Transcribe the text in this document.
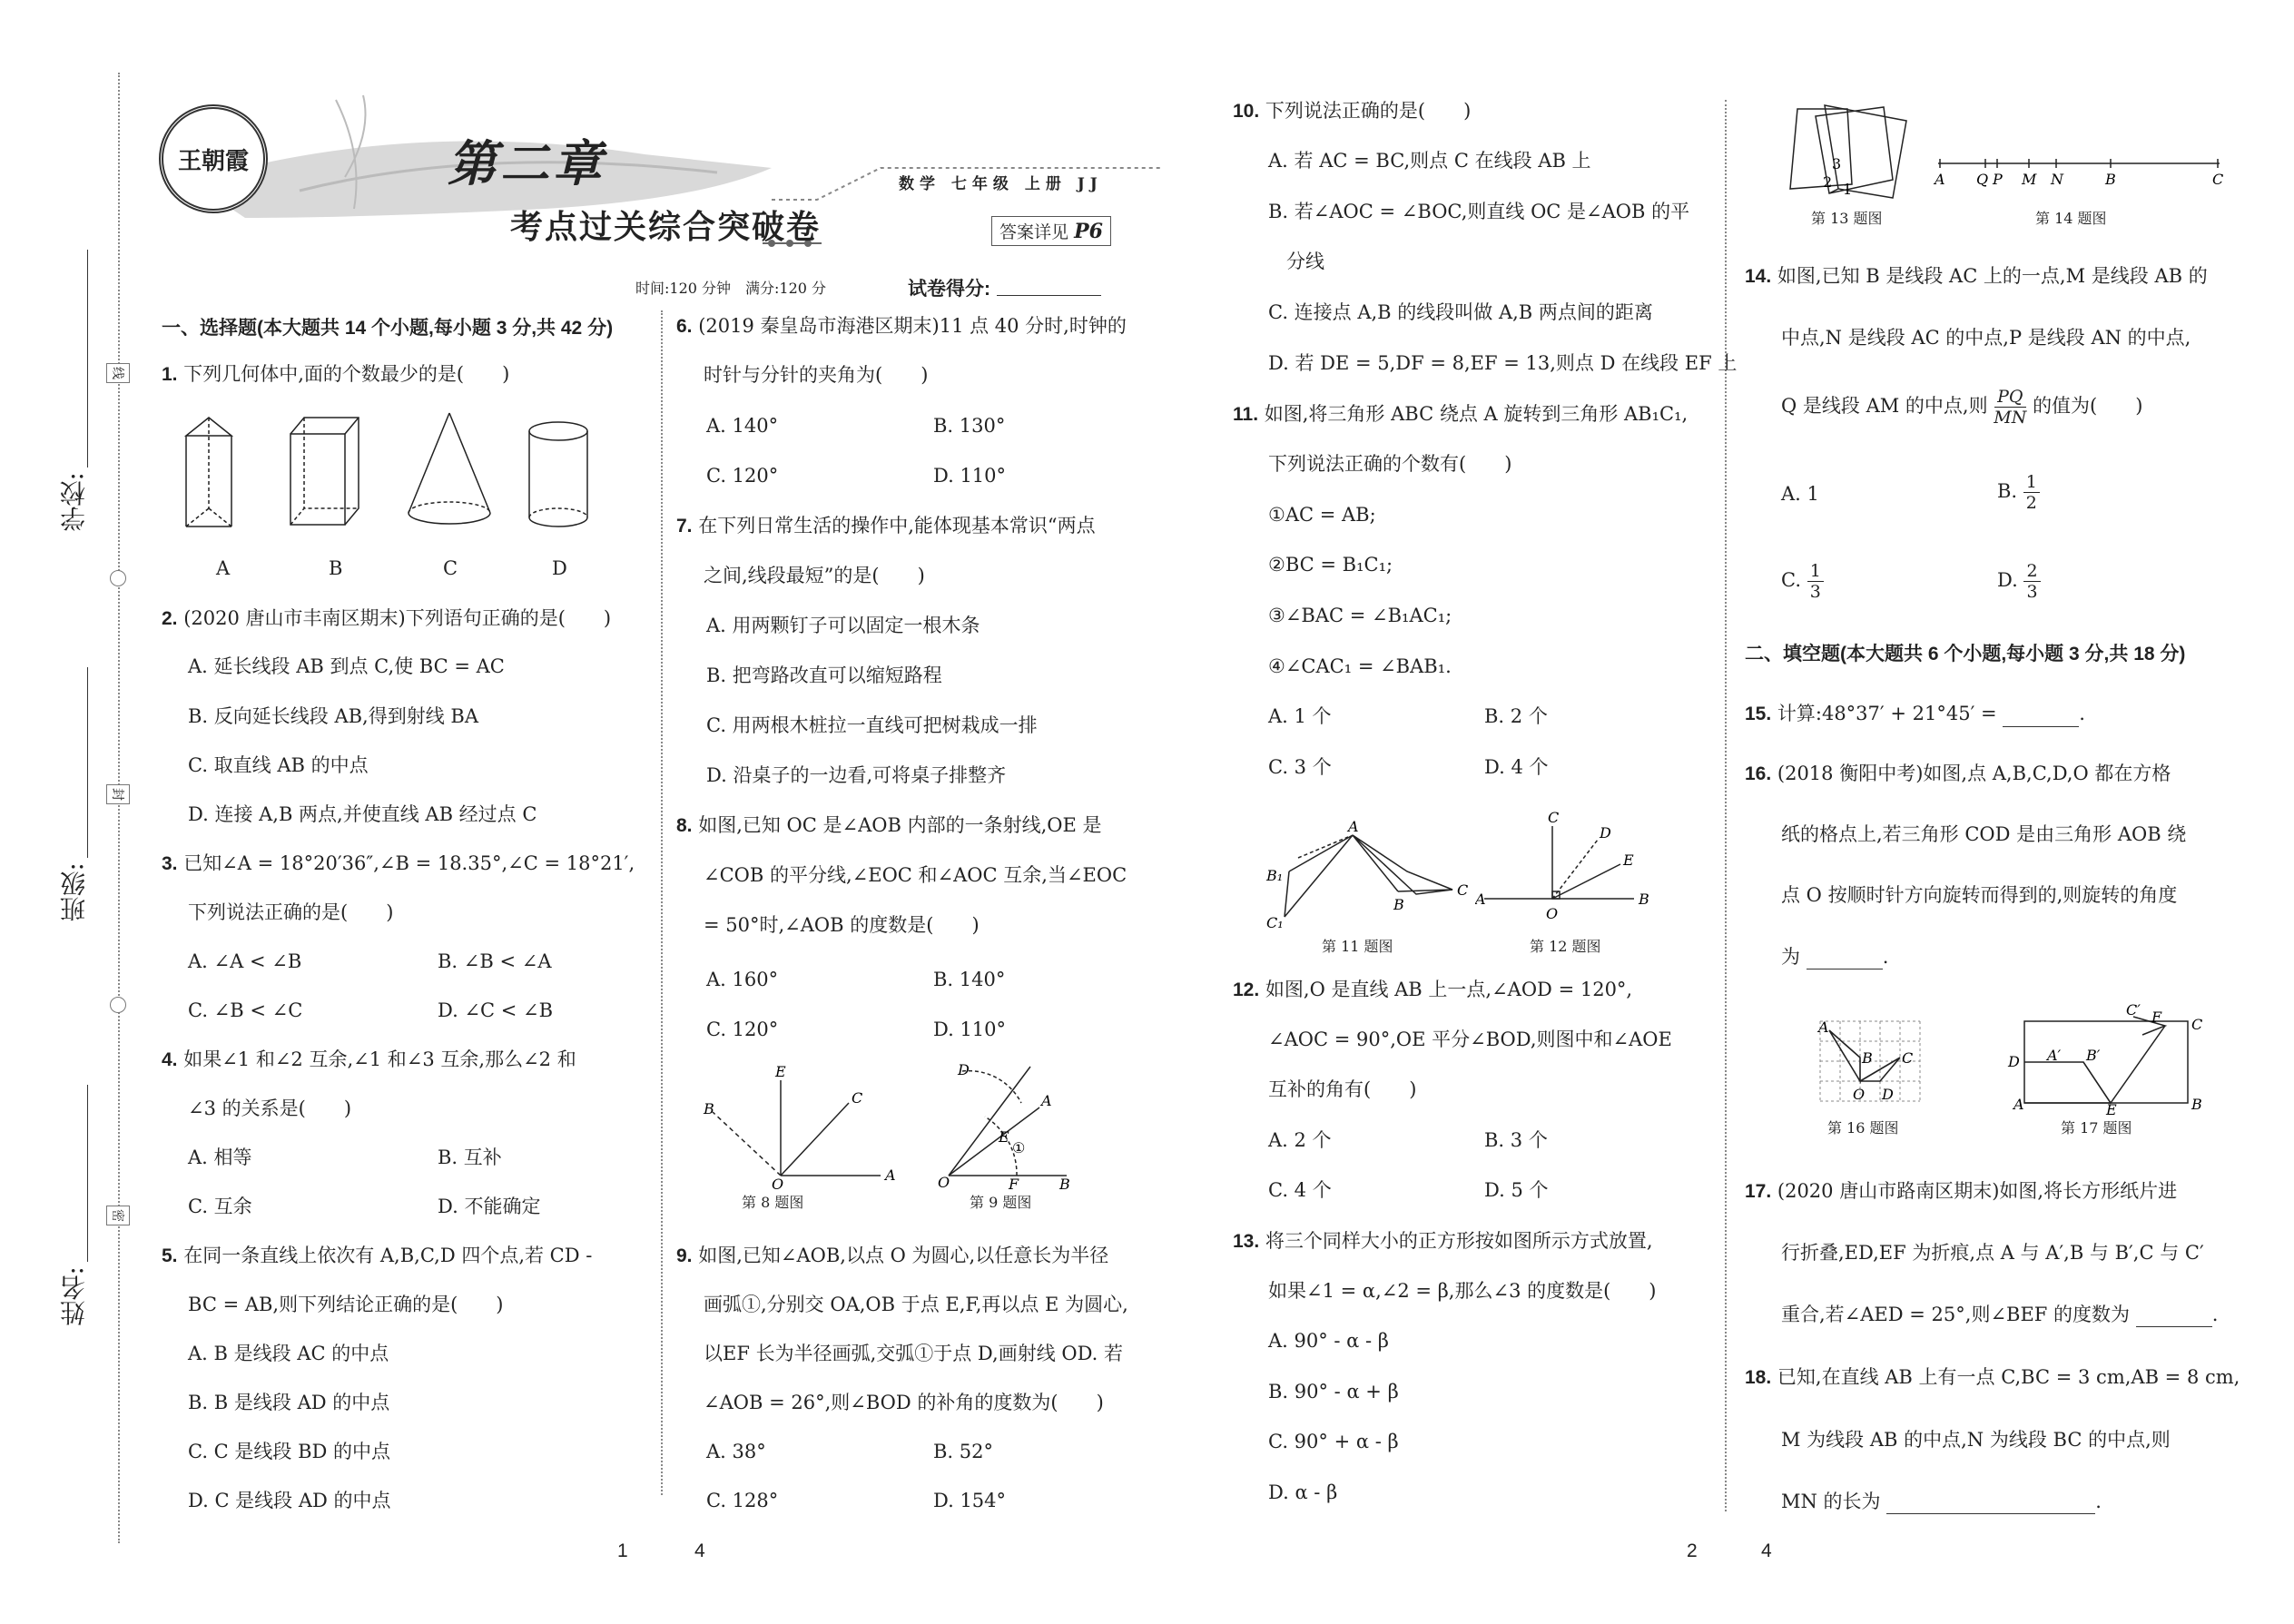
学校:
班级:
姓名:
线
封
密
王朝霞	第二章
考点过关综合突破卷
数学 七年级 上册 JJ
答案详见 P6
时间:120 分钟　满分:120 分	试卷得分:
一、选择题(本大题共 14 个小题,每小题 3 分,共 42 分)
1. 下列几何体中,面的个数最少的是(　　)
A	B	C	D
2. (2020 唐山市丰南区期末)下列语句正确的是(　　)
A. 延长线段 AB 到点 C,使 BC = AC
B. 反向延长线段 AB,得到射线 BA
C. 取直线 AB 的中点
D. 连接 A,B 两点,并使直线 AB 经过点 C
3. 已知∠A = 18°20′36″,∠B = 18.35°,∠C = 18°21′,
下列说法正确的是(　　)
A. ∠A < ∠B	B. ∠B < ∠A
C. ∠B < ∠C	D. ∠C < ∠B
4. 如果∠1 和∠2 互余,∠1 和∠3 互余,那么∠2 和
∠3 的关系是(　　)
A. 相等	B. 互补
C. 互余	D. 不能确定
5. 在同一条直线上依次有 A,B,C,D 四个点,若 CD -
BC = AB,则下列结论正确的是(　　)
A. B 是线段 AC 的中点
B. B 是线段 AD 的中点
C. C 是线段 BD 的中点
D. C 是线段 AD 的中点
6. (2019 秦皇岛市海港区期末)11 点 40 分时,时钟的
时针与分针的夹角为(　　)
A. 140°	B. 130°
C. 120°	D. 110°
7. 在下列日常生活的操作中,能体现基本常识“两点
之间,线段最短”的是(　　)
A. 用两颗钉子可以固定一根木条
B. 把弯路改直可以缩短路程
C. 用两根木桩拉一直线可把树栽成一排
D. 沿桌子的一边看,可将桌子排整齐
8. 如图,已知 OC 是∠AOB 内部的一条射线,OE 是
∠COB 的平分线,∠EOC 和∠AOC 互余,当∠EOC
= 50°时,∠AOB 的度数是(　　)
A. 160°	B. 140°
C. 120°	D. 110°
B
E
C
O
A
第 8 题图
D
A
E
①
O	F	B
第 9 题图
9. 如图,已知∠AOB,以点 O 为圆心,以任意长为半径
画弧①,分别交 OA,OB 于点 E,F,再以点 E 为圆心,
以EF 长为半径画弧,交弧①于点 D,画射线 OD. 若
∠AOB = 26°,则∠BOD 的补角的度数为(　　)
A. 38°	B. 52°
C. 128°	D. 154°
10. 下列说法正确的是(　　)
A. 若 AC = BC,则点 C 在线段 AB 上
B. 若∠AOC = ∠BOC,则直线 OC 是∠AOB 的平
分线
C. 连接点 A,B 的线段叫做 A,B 两点间的距离
D. 若 DE = 5,DF = 8,EF = 13,则点 D 在线段 EF 上
11. 如图,将三角形 ABC 绕点 A 旋转到三角形 AB₁C₁,
下列说法正确的个数有(　　)
①AC = AB;
②BC = B₁C₁;
③∠BAC = ∠B₁AC₁;
④∠CAC₁ = ∠BAB₁.
A. 1 个	B. 2 个
C. 3 个	D. 4 个
A
B₁
C₁
B
C
第 11 题图
C
D
E
A
O
B
第 12 题图
12. 如图,O 是直线 AB 上一点,∠AOD = 120°,
∠AOC = 90°,OE 平分∠BOD,则图中和∠AOE
互补的角有(　　)
A. 2 个	B. 3 个
C. 4 个	D. 5 个
13. 将三个同样大小的正方形按如图所示方式放置,
如果∠1 = α,∠2 = β,那么∠3 的度数是(　　)
A. 90° - α - β
B. 90° - α + β
C. 90° + α - β
D. α - β
3
2 1
第 13 题图
A Q P M N	B	C
第 14 题图
14. 如图,已知 B 是线段 AC 上的一点,M 是线段 AB 的
中点,N 是线段 AC 的中点,P 是线段 AN 的中点,
Q 是线段 AM 的中点,则 $\frac{PQ}{MN}$ 的值为(　　)
A. 1	B. $\frac{1}{2}$
C. $\frac{1}{3}$	D. $\frac{2}{3}$
二、填空题(本大题共 6 个小题,每小题 3 分,共 18 分)
15. 计算:48°37′ + 21°45′ =	.
16. (2018 衡阳中考)如图,点 A,B,C,D,O 都在方格
纸的格点上,若三角形 COD 是由三角形 AOB 绕
点 O 按顺时针方向旋转而得到的,则旋转的角度
为	.
A
B C
O D
第 16 题图
C′ F C
D A′ B′
A	E	B
第 17 题图
17. (2020 唐山市路南区期末)如图,将长方形纸片进
行折叠,ED,EF 为折痕,点 A 与 A′,B 与 B′,C 与 C′
重合,若∠AED = 25°,则∠BEF 的度数为	.
18. 已知,在直线 AB 上有一点 C,BC = 3 cm,AB = 8 cm,
M 为线段 AB 的中点,N 为线段 BC 的中点,则
MN 的长为	.
1	4	2	4
